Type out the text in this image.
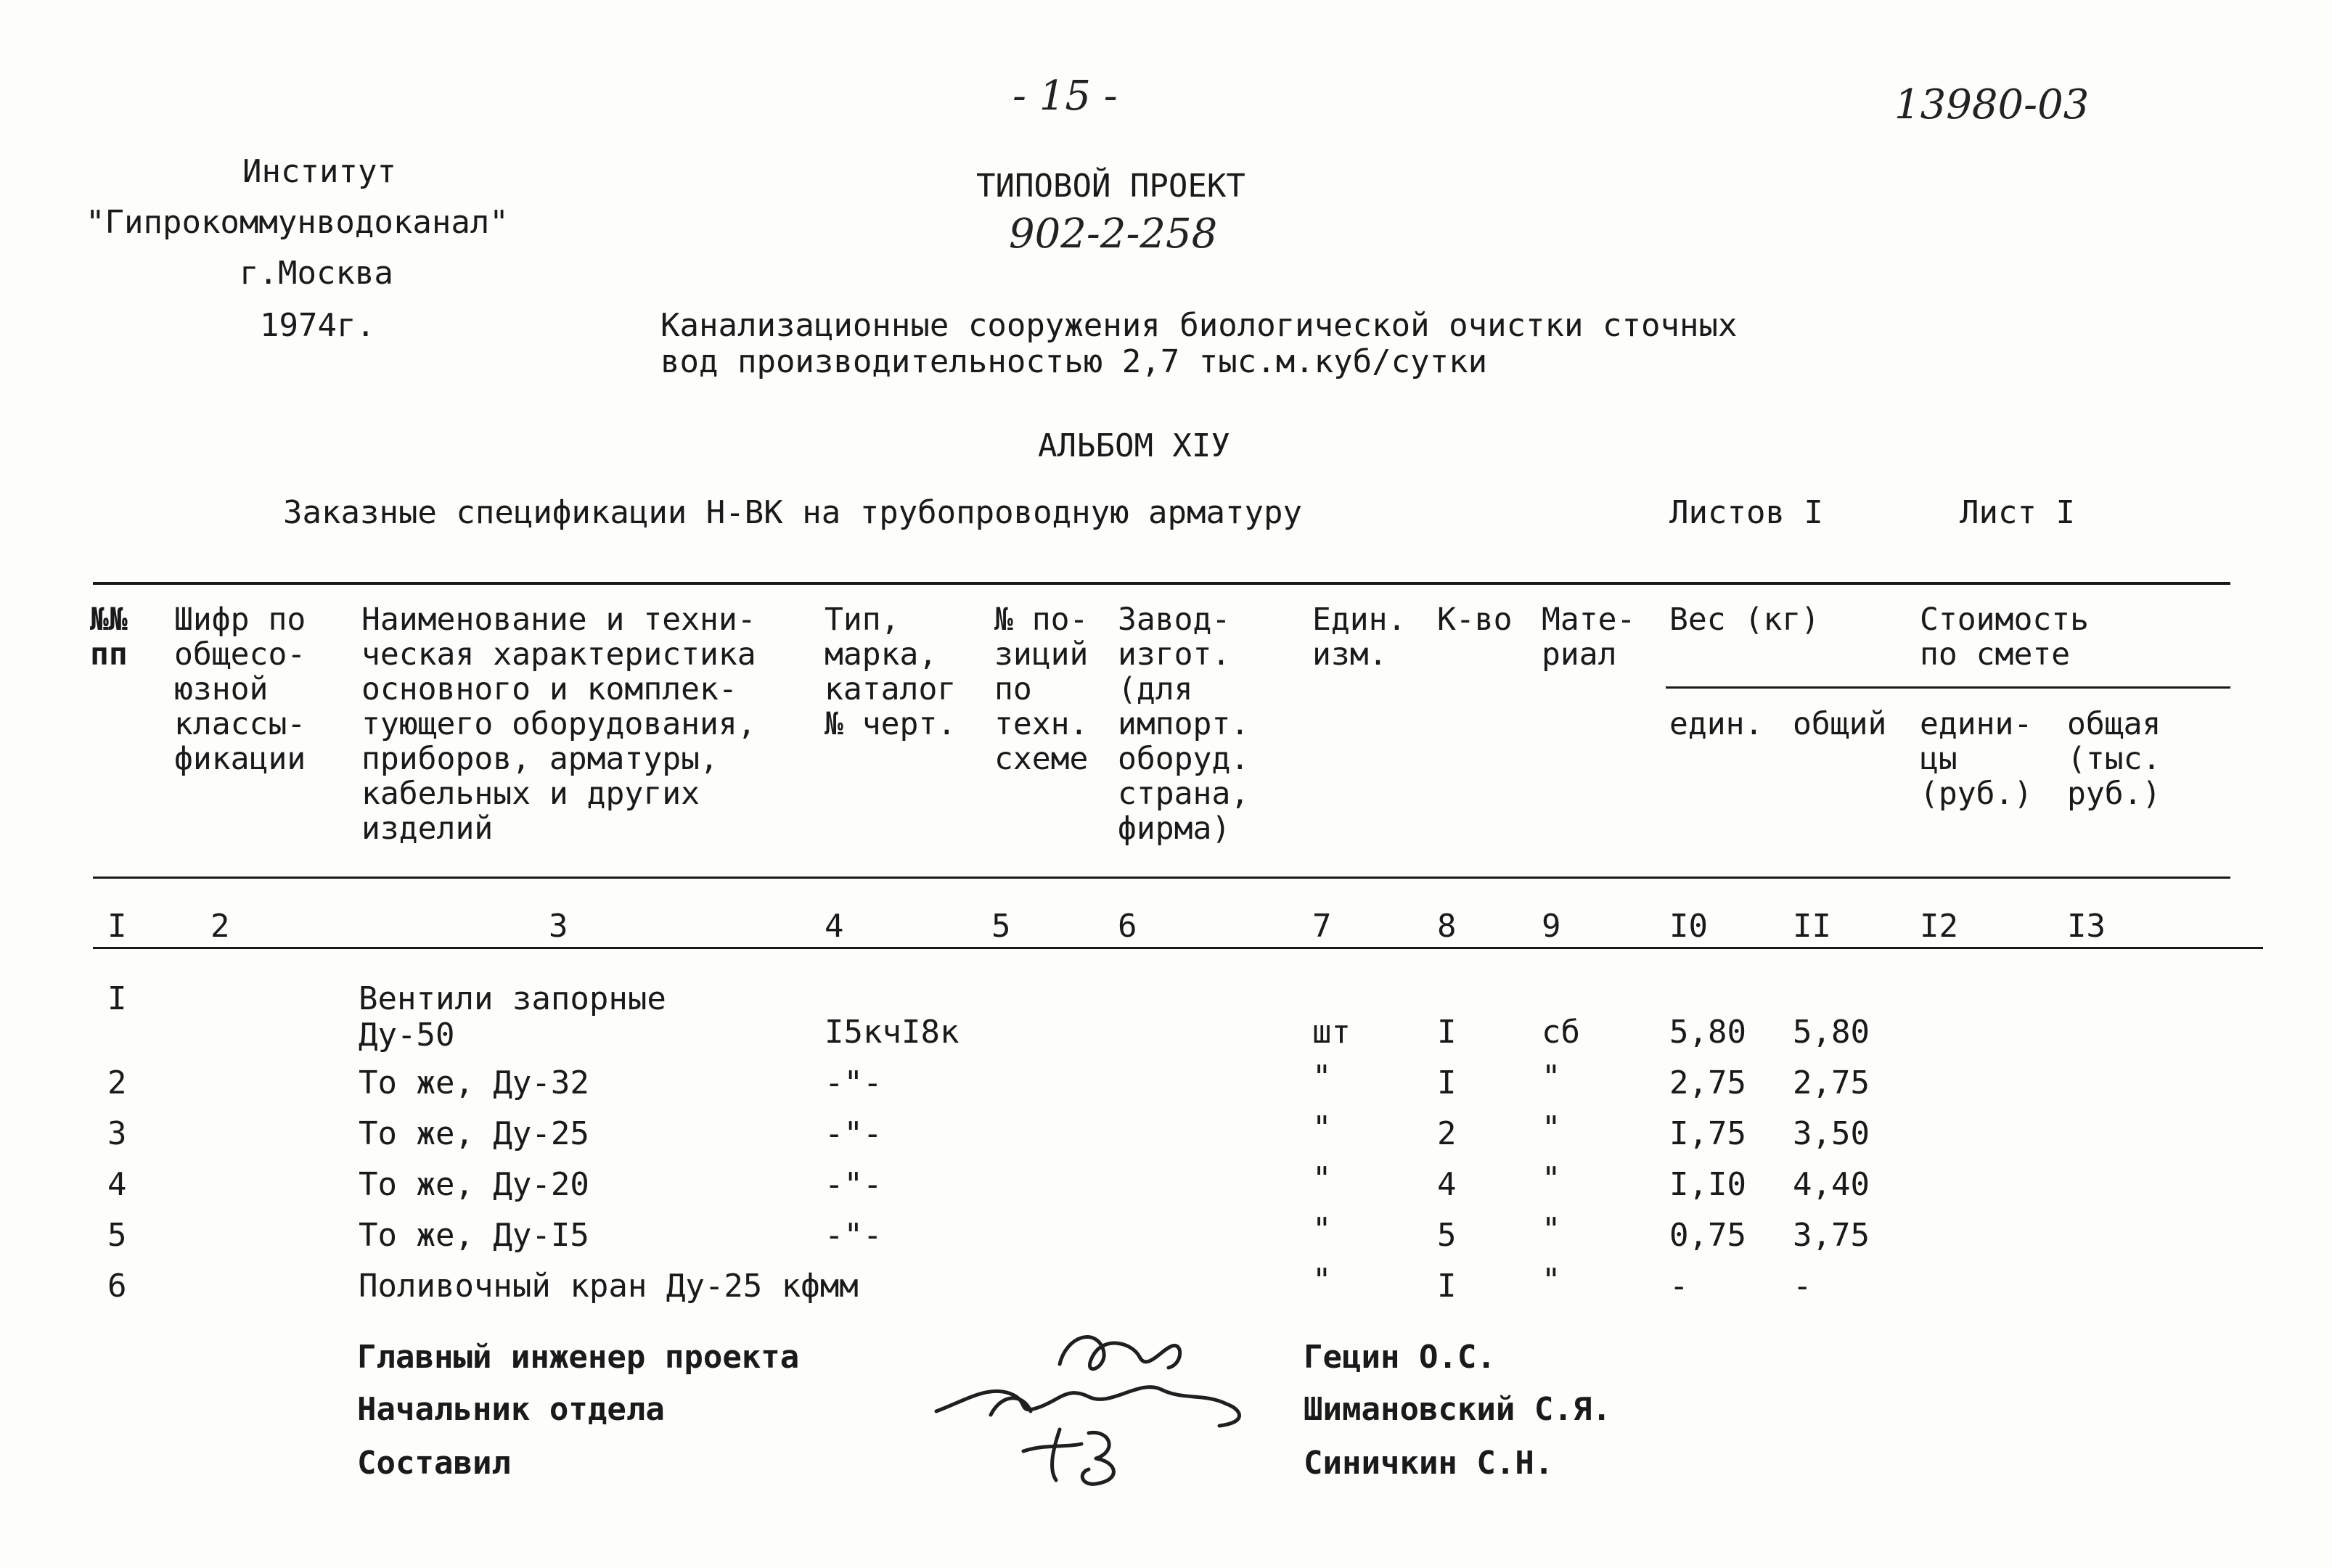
- 15 -	13980-03
Институт
"Гипрокоммунводоканал"
г.Москва
1974г.
ТИПОВОЙ ПРОЕКТ
902-2-258
Канализационные сооружения биологической очистки сточных
вод производительностью 2,7 тыс.м.куб/сутки
АЛЬБОМ XIУ
Заказные спецификации Н-ВК на трубопроводную арматуру	Листов I	Лист I
№№
пп
Шифр по
общесо-
юзной
классы-
фикации
Наименование и техни-
ческая характеристика
основного и комплек-
тующего оборудования,
приборов, арматуры,
кабельных и других
изделий
Тип,
марка,
каталог
№ черт.
№ по-
зиций
по
техн.
схеме
Завод-
изгот.
(для
импорт.
оборуд.
страна,
фирма)
Един.
изм.
К-во Мате-
риал
Вес (кг)
един. общий
Стоимость
по смете
едини-
цы
(руб.)
общая
(тыс.
руб.)
I	2	3	4	5	6	7	8	9	I0	II	I2	I3
I	Вентили запорные
Ду-50	I5кчI8к	шт	I	сб	5,80 5,80
2	То же, Ду-32	-"-	"	I	"	2,75 2,75
3	То же, Ду-25	-"-	"	2	"	I,75 3,50
4	То же, Ду-20	-"-	"	4	"	I,I0 4,40
5	То же, Ду-I5	-"-	"	5	"	0,75 3,75
6	Поливочный кран Ду-25 кфмм	"	I	"	-	-
Главный инженер проекта
Начальник отдела
Составил
Гецин О.С.
Шимановский С.Я.
Синичкин С.Н.
